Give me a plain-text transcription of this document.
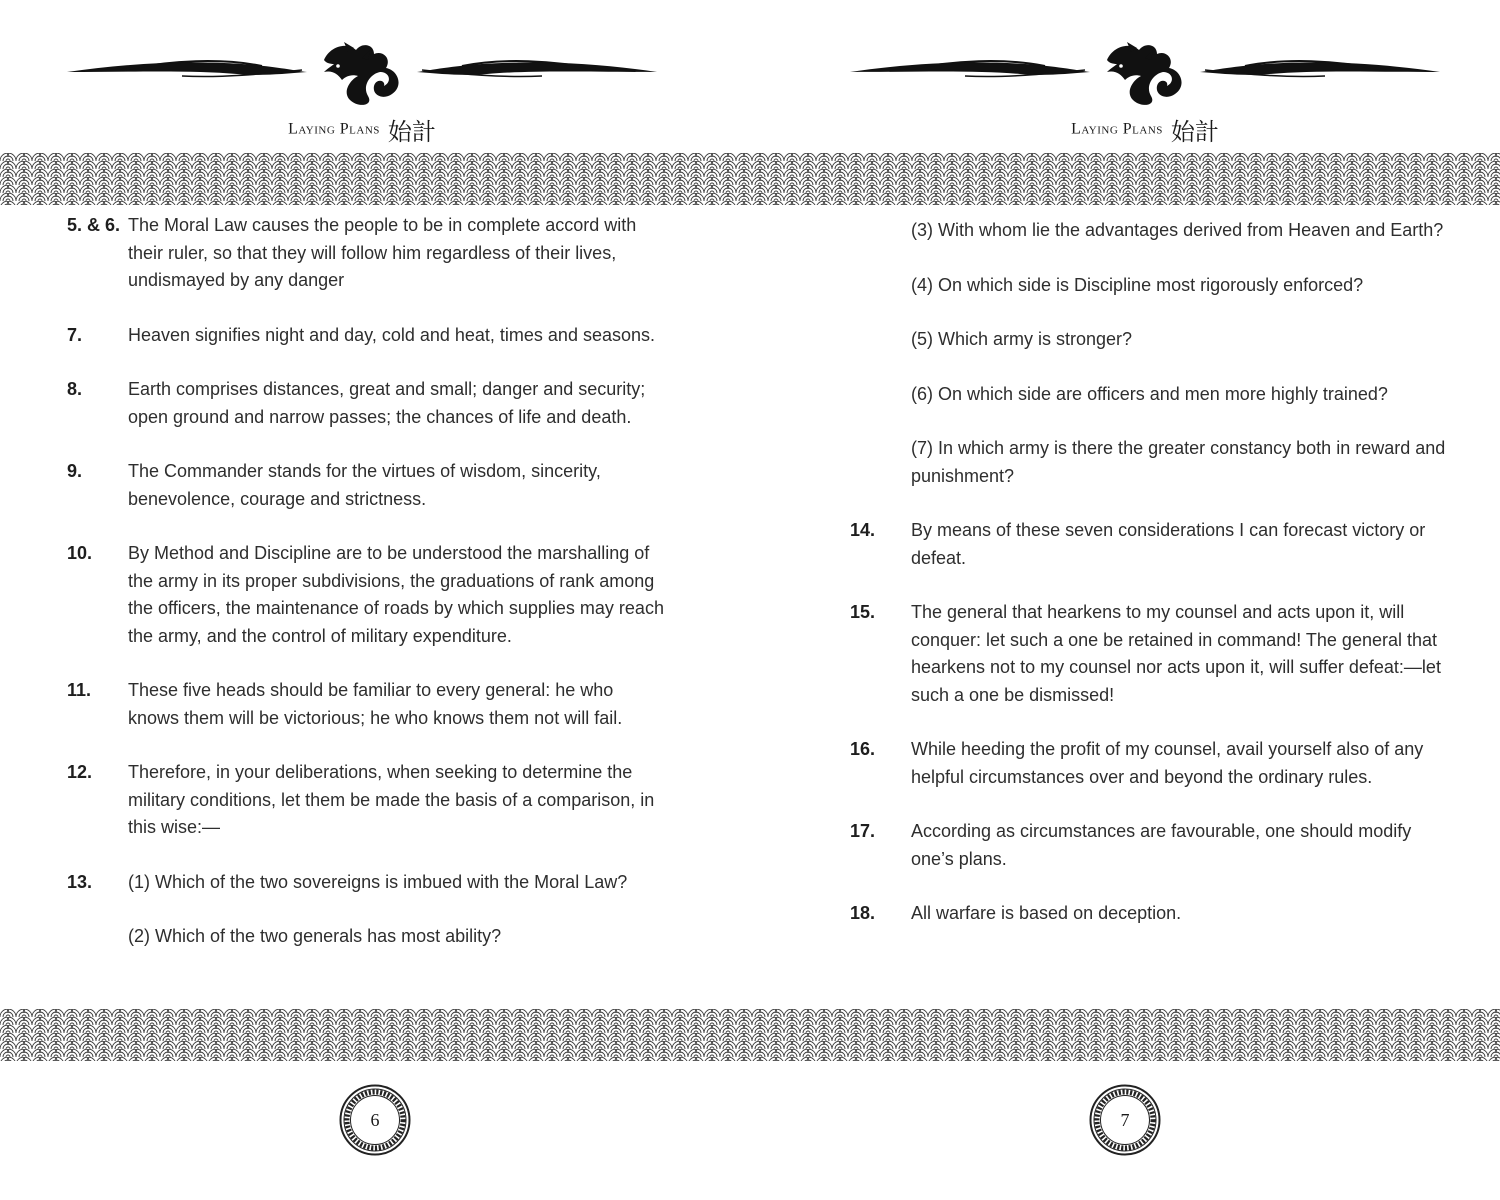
Laying Plans 始計	Laying Plans 始計
5. & 6. The Moral Law causes the people to be in complete accord with their ruler, so that they will follow him regardless of their lives, undismayed by any danger
7.	Heaven signifies night and day, cold and heat, times and seasons.
8.	Earth comprises distances, great and small; danger and security; open ground and narrow passes; the chances of life and death.
9.	The Commander stands for the virtues of wisdom, sincerity, benevolence, courage and strictness.
10. By Method and Discipline are to be understood the marshalling of the army in its proper subdivisions, the graduations of rank among the officers, the maintenance of roads by which supplies may reach the army, and the control of military expenditure.
11. These five heads should be familiar to every general: he who knows them will be victorious; he who knows them not will fail.
12. Therefore, in your deliberations, when seeking to determine the military conditions, let them be made the basis of a comparison, in this wise:—
13. (1) Which of the two sovereigns is imbued with the Moral Law?
(2) Which of the two generals has most ability?
(3) With whom lie the advantages derived from Heaven and Earth?
(4) On which side is Discipline most rigorously enforced?
(5) Which army is stronger?
(6) On which side are officers and men more highly trained?
(7) In which army is there the greater constancy both in reward and punishment?
14. By means of these seven considerations I can forecast victory or defeat.
15. The general that hearkens to my counsel and acts upon it, will conquer: let such a one be retained in command! The general that hearkens not to my counsel nor acts upon it, will suffer defeat:—let such a one be dismissed!
16. While heeding the profit of my counsel, avail yourself also of any helpful circumstances over and beyond the ordinary rules.
17. According as circumstances are favourable, one should modify one’s plans.
18. All warfare is based on deception.
6	7
